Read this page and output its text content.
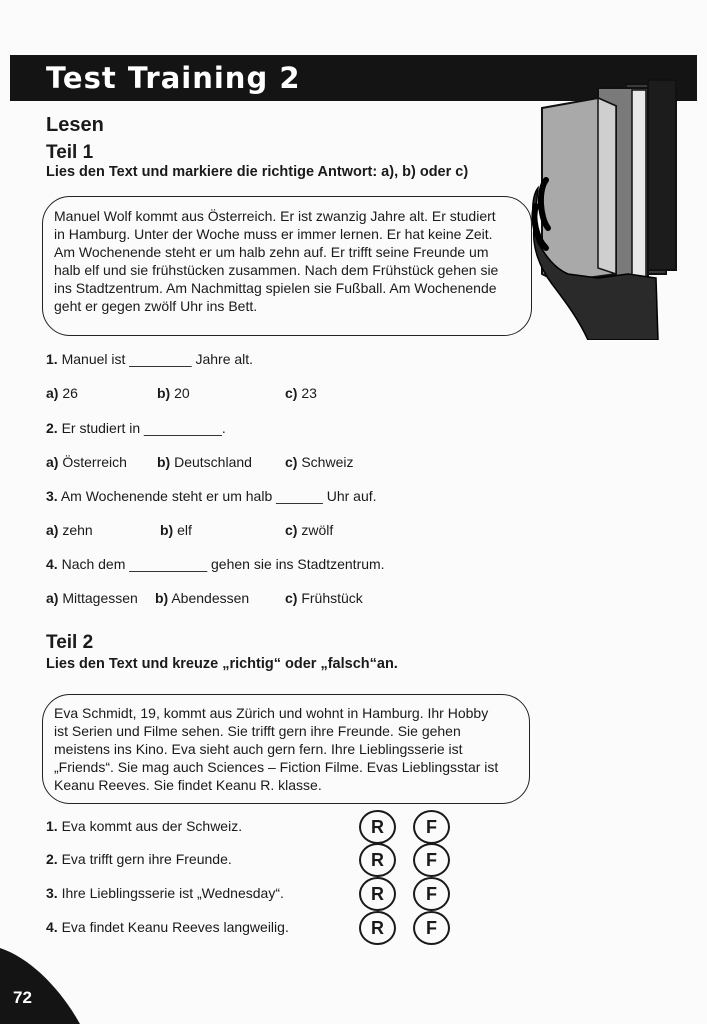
Test Training 2
Lesen
Teil 1
Lies den Text und markiere die richtige Antwort: a), b) oder c)
Manuel Wolf kommt aus Österreich. Er ist zwanzig Jahre alt. Er studiert
in Hamburg. Unter der Woche muss er immer lernen. Er hat keine Zeit.
Am Wochenende steht er um halb zehn auf. Er trifft seine Freunde um
halb elf und sie frühstücken zusammen. Nach dem Frühstück gehen sie
ins Stadtzentrum. Am Nachmittag spielen sie Fußball. Am Wochenende
geht er gegen zwölf Uhr ins Bett.
1. Manuel ist ________ Jahre alt.
a) 26	b) 20	c) 23
2. Er studiert in __________.
a) Österreich b) Deutschland c) Schweiz
3. Am Wochenende steht er um halb ______ Uhr auf.
a) zehn	b) elf	c) zwölf
4. Nach dem __________ gehen sie ins Stadtzentrum.
a) Mittagessen b) Abendessen	c) Frühstück
Teil 2
Lies den Text und kreuze „richtig“ oder „falsch“an.
Eva Schmidt, 19, kommt aus Zürich und wohnt in Hamburg. Ihr Hobby
ist Serien und Filme sehen. Sie trifft gern ihre Freunde. Sie gehen
meistens ins Kino. Eva sieht auch gern fern. Ihre Lieblingsserie ist
„Friends“. Sie mag auch Sciences – Fiction Filme. Evas Lieblingsstar ist
Keanu Reeves. Sie findet Keanu R. klasse.
1. Eva kommt aus der Schweiz.	R	F
2. Eva trifft gern ihre Freunde.	R	F
3. Ihre Lieblingsserie ist „Wednesday“.	R	F
4. Eva findet Keanu Reeves langweilig.	R	F
72
